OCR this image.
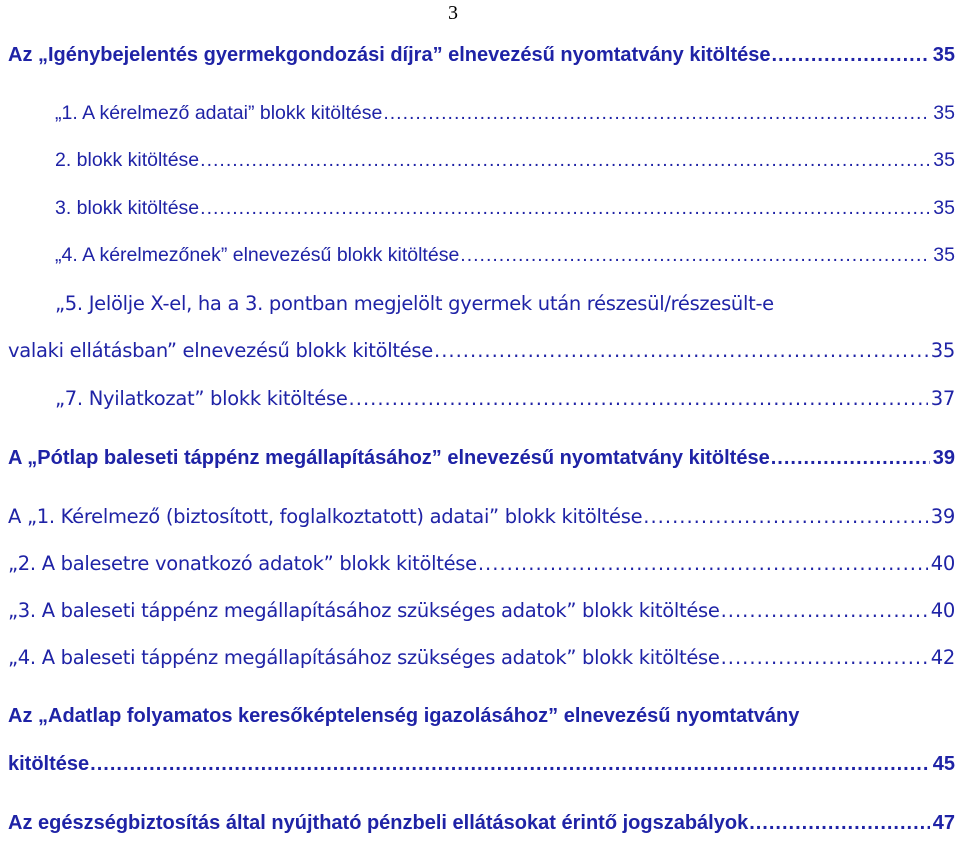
3
Az „Igénybejelentés gyermekgondozási díjra” elnevezésű nyomtatvány kitöltése .....	35
„1. A kérelmező adatai” blokk kitöltése .....	35
2. blokk kitöltése .....	35
3. blokk kitöltése .....	35
„4. A kérelmezőnek” elnevezésű blokk kitöltése .....	35
„5. Jelölje X-el, ha a 3. pontban megjelölt gyermek után részesül/részesült-e
valaki ellátásban” elnevezésű blokk kitöltése .....	35
„7. Nyilatkozat” blokk kitöltése .....	37
A „Pótlap baleseti táppénz megállapításához” elnevezésű nyomtatvány kitöltése .....	39
A „1. Kérelmező (biztosított, foglalkoztatott) adatai” blokk kitöltése .....	39
„2. A balesetre vonatkozó adatok” blokk kitöltése .....	40
„3. A baleseti táppénz megállapításához szükséges adatok” blokk kitöltése .....	40
„4. A baleseti táppénz megállapításához szükséges adatok” blokk kitöltése .....	42
Az „Adatlap folyamatos keresőképtelenség igazolásához” elnevezésű nyomtatvány
kitöltése .....	45
Az egészségbiztosítás által nyújtható pénzbeli ellátásokat érintő jogszabályok .....	47
